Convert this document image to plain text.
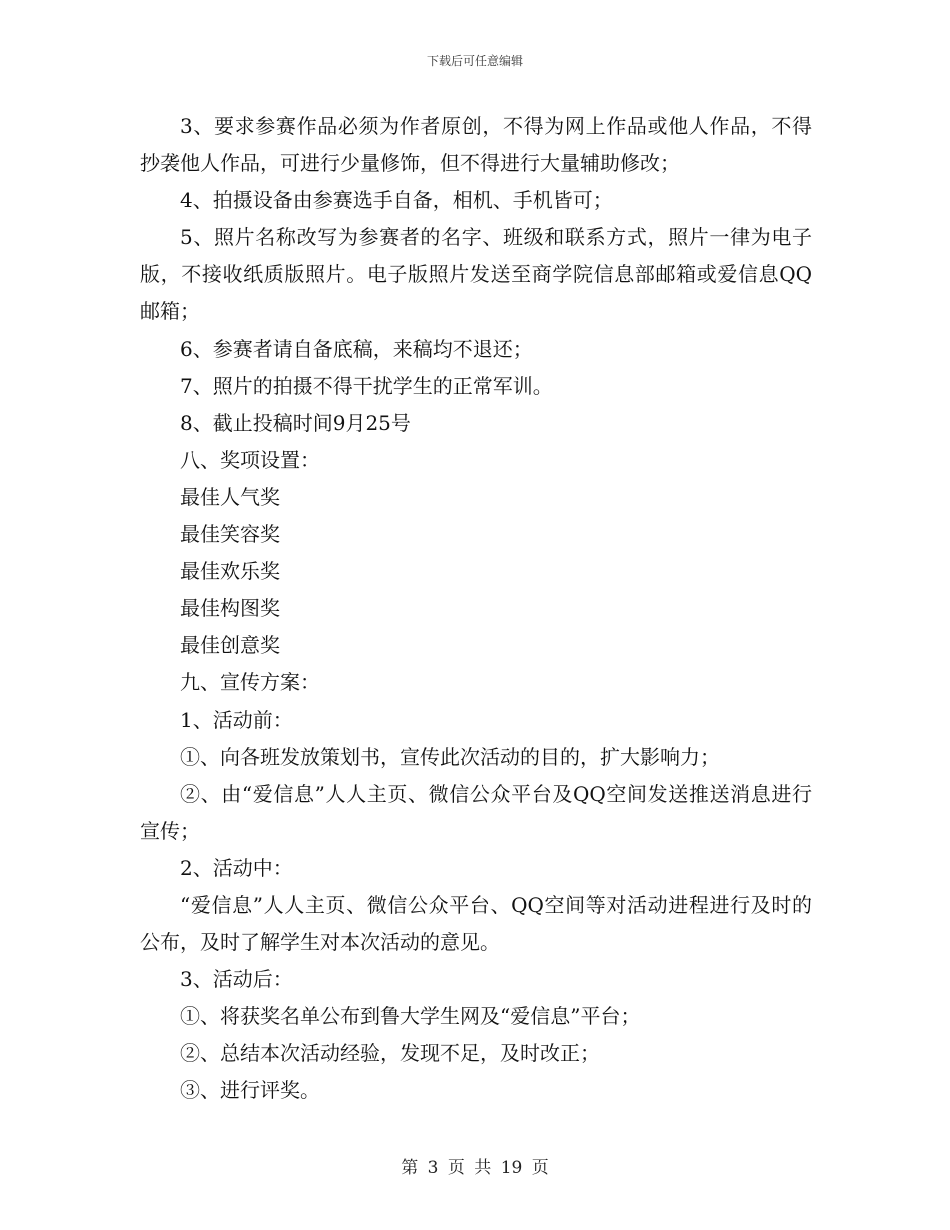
下载后可任意编辑

3、要求参赛作品必须为作者原创，不得为网上作品或他人作品，不得抄袭他人作品，可进行少量修饰，但不得进行大量辅助修改；

4、拍摄设备由参赛选手自备，相机、手机皆可；

5、照片名称改写为参赛者的名字、班级和联系方式，照片一律为电子版，不接收纸质版照片。电子版照片发送至商学院信息部邮箱或爱信息QQ邮箱；

6、参赛者请自备底稿，来稿均不退还；

7、照片的拍摄不得干扰学生的正常军训。

8、截止投稿时间9月25号

八、奖项设置：

最佳人气奖

最佳笑容奖

最佳欢乐奖

最佳构图奖

最佳创意奖

九、宣传方案：

1、活动前：

①、向各班发放策划书，宣传此次活动的目的，扩大影响力；

②、由“爱信息”人人主页、微信公众平台及QQ空间发送推送消息进行宣传；

2、活动中：

“爱信息”人人主页、微信公众平台、QQ空间等对活动进程进行及时的公布，及时了解学生对本次活动的意见。

3、活动后：

①、将获奖名单公布到鲁大学生网及“爱信息”平台；

②、总结本次活动经验，发现不足，及时改正；

③、进行评奖。

第 3 页 共 19 页
